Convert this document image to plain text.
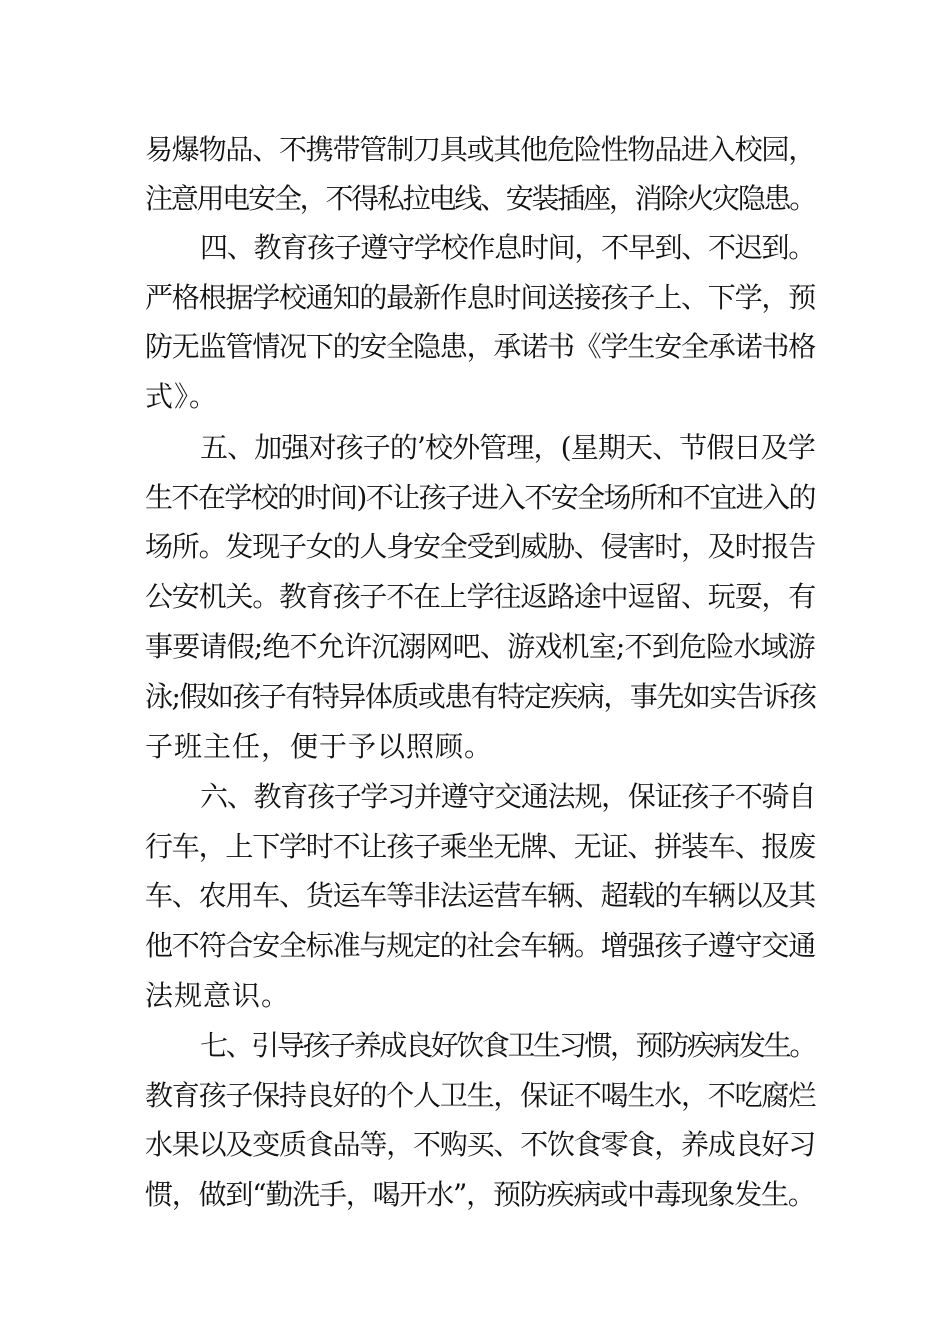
易爆物品、不携带管制刀具或其他危险性物品进入校园，
注意用电安全，不得私拉电线、安装插座，消除火灾隐患。
四、教育孩子遵守学校作息时间，不早到、不迟到。
严格根据学校通知的最新作息时间送接孩子上、下学，预
防无监管情况下的安全隐患，承诺书《学生安全承诺书格
式》。
五、加强对孩子的’校外管理，(星期天、节假日及学
生不在学校的时间)不让孩子进入不安全场所和不宜进入的
场所。发现子女的人身安全受到威胁、侵害时，及时报告
公安机关。教育孩子不在上学往返路途中逗留、玩耍，有
事要请假;绝不允许沉溺网吧、游戏机室;不到危险水域游
泳;假如孩子有特异体质或患有特定疾病，事先如实告诉孩
子班主任，便于予以照顾。
六、教育孩子学习并遵守交通法规，保证孩子不骑自
行车，上下学时不让孩子乘坐无牌、无证、拼装车、报废
车、农用车、货运车等非法运营车辆、超载的车辆以及其
他不符合安全标准与规定的社会车辆。增强孩子遵守交通
法规意识。
七、引导孩子养成良好饮食卫生习惯，预防疾病发生。
教育孩子保持良好的个人卫生，保证不喝生水，不吃腐烂
水果以及变质食品等，不购买、不饮食零食，养成良好习
惯，做到“勤洗手，喝开水”，预防疾病或中毒现象发生。
